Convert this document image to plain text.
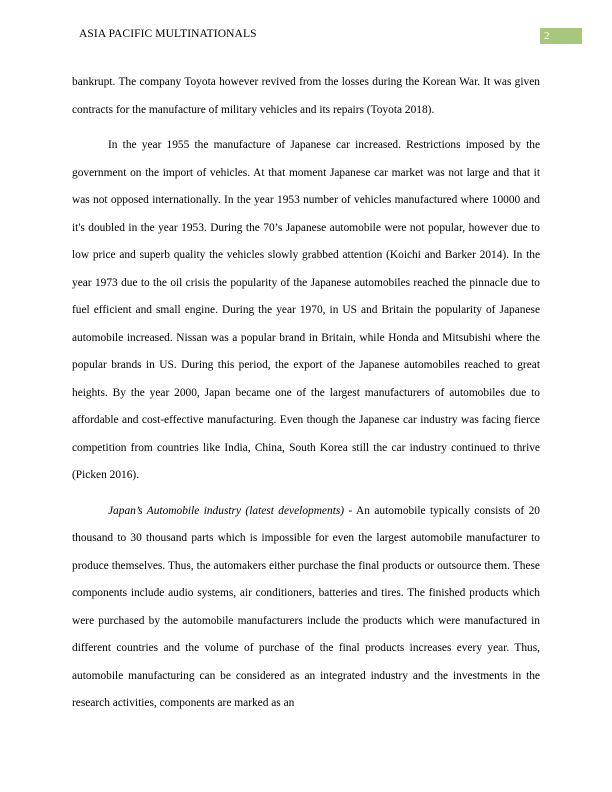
ASIA PACIFIC MULTINATIONALS	2

bankrupt. The company Toyota however revived from the losses during the Korean War. It was given contracts for the manufacture of military vehicles and its repairs (Toyota 2018).

In the year 1955 the manufacture of Japanese car increased. Restrictions imposed by the government on the import of vehicles. At that moment Japanese car market was not large and that it was not opposed internationally. In the year 1953 number of vehicles manufactured where 10000 and it's doubled in the year 1953. During the 70’s Japanese automobile were not popular, however due to low price and superb quality the vehicles slowly grabbed attention (Koichi and Barker 2014). In the year 1973 due to the oil crisis the popularity of the Japanese automobiles reached the pinnacle due to fuel efficient and small engine. During the year 1970, in US and Britain the popularity of Japanese automobile increased. Nissan was a popular brand in Britain, while Honda and Mitsubishi where the popular brands in US. During this period, the export of the Japanese automobiles reached to great heights. By the year 2000, Japan became one of the largest manufacturers of automobiles due to affordable and cost-effective manufacturing. Even though the Japanese car industry was facing fierce competition from countries like India, China, South Korea still the car industry continued to thrive (Picken 2016).

Japan’s Automobile industry (latest developments) - An automobile typically consists of 20 thousand to 30 thousand parts which is impossible for even the largest automobile manufacturer to produce themselves. Thus, the automakers either purchase the final products or outsource them. These components include audio systems, air conditioners, batteries and tires. The finished products which were purchased by the automobile manufacturers include the products which were manufactured in different countries and the volume of purchase of the final products increases every year. Thus, automobile manufacturing can be considered as an integrated industry and the investments in the research activities, components are marked as an
